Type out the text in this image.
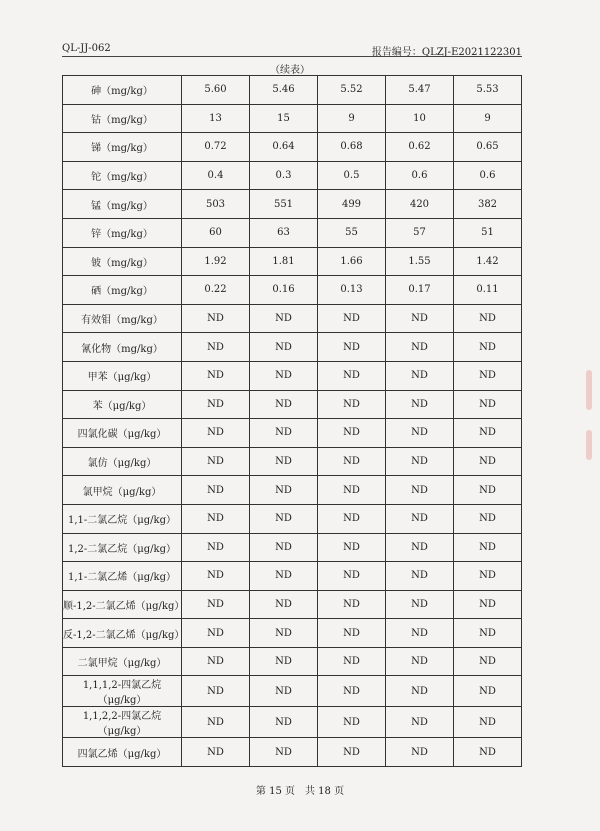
QL-JJ-062	报告编号：QLZJ-E2021122301
（续表）
砷（mg/kg）	5.60	5.46	5.52	5.47	5.53
钴（mg/kg）	13	15	9	10	9
锑（mg/kg）	0.72	0.64	0.68	0.62	0.65
铊（mg/kg）	0.4	0.3	0.5	0.6	0.6
锰（mg/kg）	503	551	499	420	382
锌（mg/kg）	60	63	55	57	51
铍（mg/kg）	1.92	1.81	1.66	1.55	1.42
硒（mg/kg）	0.22	0.16	0.13	0.17	0.11
有效钼（mg/kg）	ND	ND	ND	ND	ND
氰化物（mg/kg）	ND	ND	ND	ND	ND
甲苯（μg/kg）	ND	ND	ND	ND	ND
苯（μg/kg）	ND	ND	ND	ND	ND
四氯化碳（μg/kg）	ND	ND	ND	ND	ND
氯仿（μg/kg）	ND	ND	ND	ND	ND
氯甲烷（μg/kg）	ND	ND	ND	ND	ND
1,1-二氯乙烷（μg/kg）	ND	ND	ND	ND	ND
1,2-二氯乙烷（μg/kg）	ND	ND	ND	ND	ND
1,1-二氯乙烯（μg/kg）	ND	ND	ND	ND	ND
顺-1,2-二氯乙烯（μg/kg）	ND	ND	ND	ND	ND
反-1,2-二氯乙烯（μg/kg）	ND	ND	ND	ND	ND
二氯甲烷（μg/kg）	ND	ND	ND	ND	ND
1,1,1,2-四氯乙烷（μg/kg）	ND	ND	ND	ND	ND
1,1,2,2-四氯乙烷（μg/kg）	ND	ND	ND	ND	ND
四氯乙烯（μg/kg）	ND	ND	ND	ND	ND
第 15 页　共 18 页
